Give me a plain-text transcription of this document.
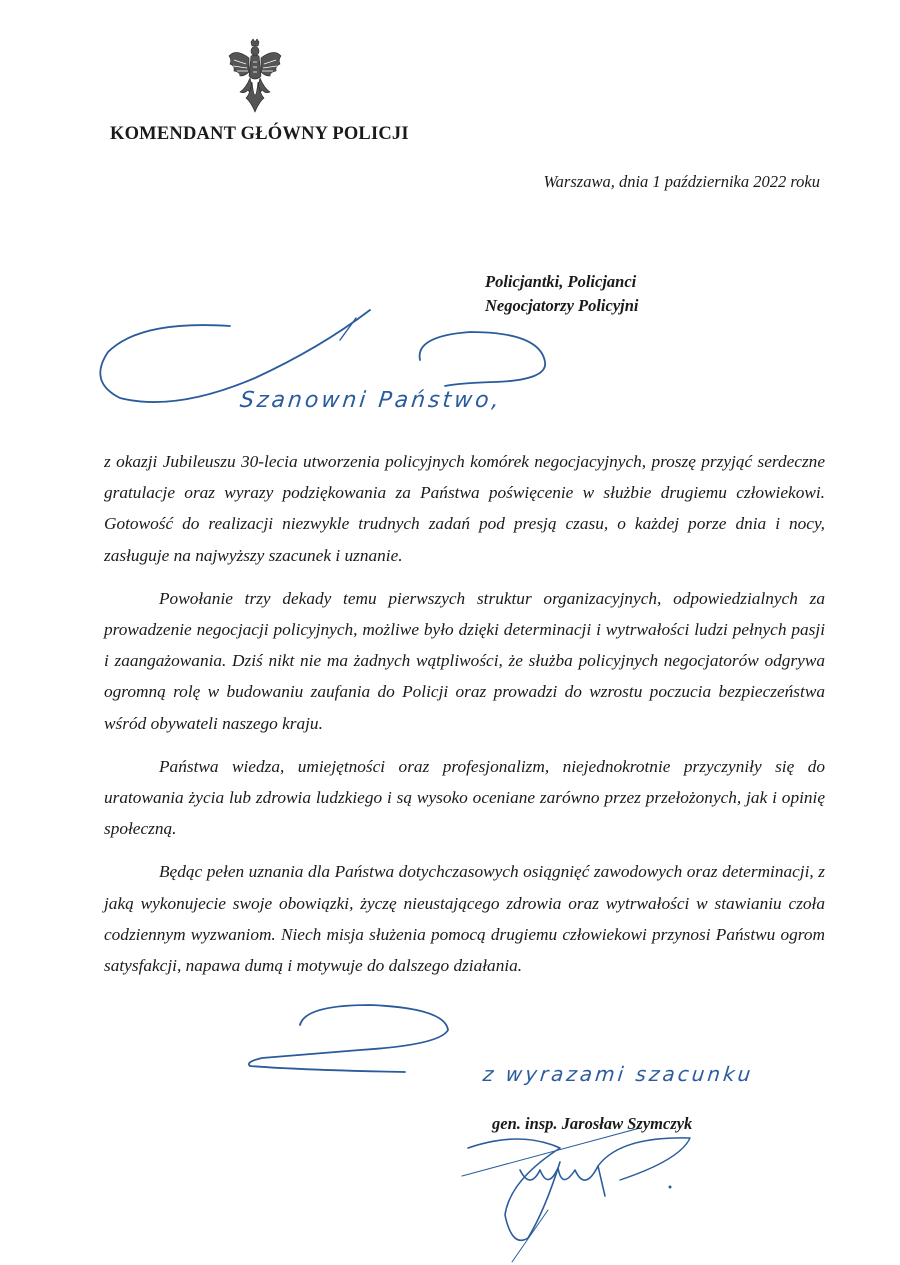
KOMENDANT GŁÓWNY POLICJI
Warszawa, dnia 1 października 2022 roku
Policjantki, Policjanci
Negocjatorzy Policyjni
Szanowni Państwo,

z okazji Jubileuszu 30-lecia utworzenia policyjnych komórek negocjacyjnych, proszę przyjąć serdeczne gratulacje oraz wyrazy podziękowania za Państwa poświęcenie w służbie drugiemu człowiekowi. Gotowość do realizacji niezwykle trudnych zadań pod presją czasu, o każdej porze dnia i nocy, zasługuje na najwyższy szacunek i uznanie.

Powołanie trzy dekady temu pierwszych struktur organizacyjnych, odpowiedzialnych za prowadzenie negocjacji policyjnych, możliwe było dzięki determinacji i wytrwałości ludzi pełnych pasji i zaangażowania. Dziś nikt nie ma żadnych wątpliwości, że służba policyjnych negocjatorów odgrywa ogromną rolę w budowaniu zaufania do Policji oraz prowadzi do wzrostu poczucia bezpieczeństwa wśród obywateli naszego kraju.

Państwa wiedza, umiejętności oraz profesjonalizm, niejednokrotnie przyczyniły się do uratowania życia lub zdrowia ludzkiego i są wysoko oceniane zarówno przez przełożonych, jak i opinię społeczną.

Będąc pełen uznania dla Państwa dotychczasowych osiągnięć zawodowych oraz determinacji, z jaką wykonujecie swoje obowiązki, życzę nieustającego zdrowia oraz wytrwałości w stawianiu czoła codziennym wyzwaniom. Niech misja służenia pomocą drugiemu człowiekowi przynosi Państwu ogrom satysfakcji, napawa dumą i motywuje do dalszego działania.

z wyrazami szacunku
gen. insp. Jarosław Szymczyk
